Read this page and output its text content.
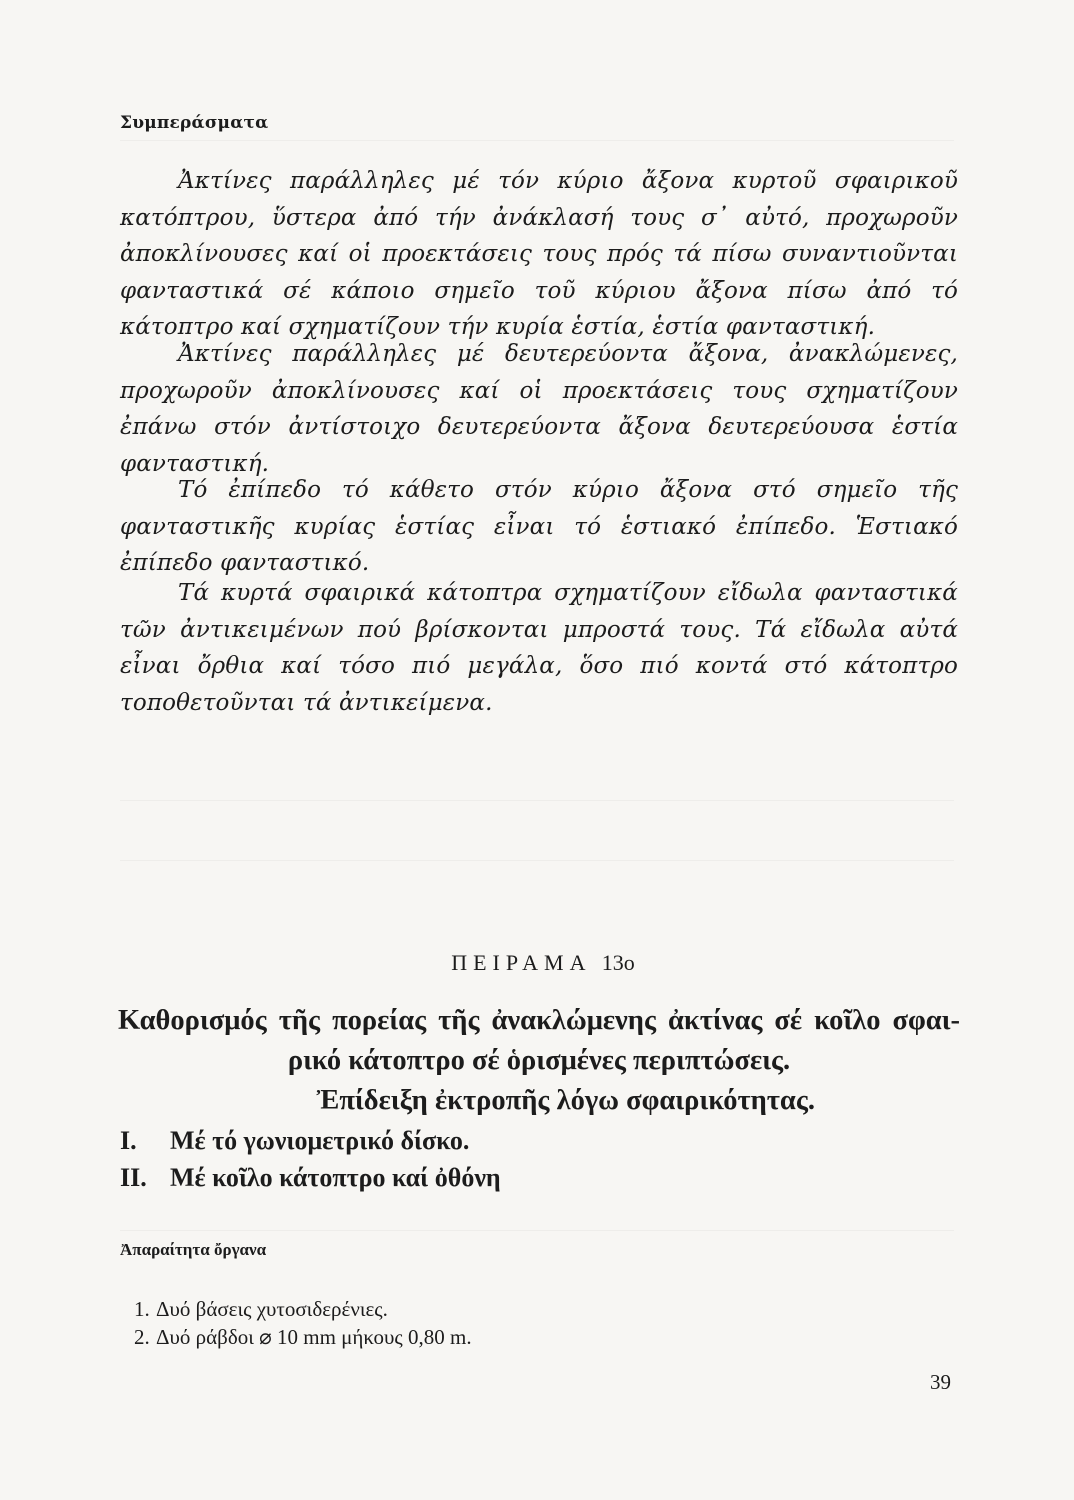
Συμπεράσματα

Ἀκτίνες παράλληλες μέ τόν κύριο ἄξονα κυρτοῦ σφαιρικοῦ κατόπτρου, ὕστερα ἀπό τήν ἀνάκλασή τους σ᾽ αὐτό, προχωροῦν ἀποκλίνουσες καί οἱ προεκτάσεις τους πρός τά πίσω συναντιοῦνται φανταστικά σέ κάποιο σημεῖο τοῦ κύριου ἄξονα πίσω ἀπό τό κάτοπτρο καί σχηματίζουν τήν κυρία ἑστία, ἑστία φανταστική.

Ἀκτίνες παράλληλες μέ δευτερεύοντα ἄξονα, ἀνακλώμενες, προχωροῦν ἀποκλίνουσες καί οἱ προεκτάσεις τους σχηματίζουν ἐπάνω στόν ἀντίστοιχο δευτερεύοντα ἄξονα δευτερεύουσα ἑστία φανταστική.

Τό ἐπίπεδο τό κάθετο στόν κύριο ἄξονα στό σημεῖο τῆς φανταστικῆς κυρίας ἑστίας εἶναι τό ἑστιακό ἐπίπεδο. Ἑστιακό ἐπίπεδο φανταστικό.

Τά κυρτά σφαιρικά κάτοπτρα σχηματίζουν εἴδωλα φανταστικά τῶν ἀντικειμένων πού βρίσκονται μπροστά τους. Τά εἴδωλα αὐτά εἶναι ὄρθια καί τόσο πιό μεγάλα, ὅσο πιό κοντά στό κάτοπτρο τοποθετοῦνται τά ἀντικείμενα.

ΠΕΙΡΑΜΑ 13ο
Καθορισμός τῆς πορείας τῆς ἀνακλώμενης ἀκτίνας σέ κοῖλο σφαι-
ρικό κάτοπτρο σέ ὁρισμένες περιπτώσεις.
Ἐπίδειξη ἐκτροπῆς λόγω σφαιρικότητας.
I. Μέ τό γωνιομετρικό δίσκο.
II. Μέ κοῖλο κάτοπτρο καί ὀθόνη
Ἀπαραίτητα ὄργανα
1. Δυό βάσεις χυτοσιδερένιες.
2. Δυό ράβδοι ⌀ 10 mm μήκους 0,80 m.
39
